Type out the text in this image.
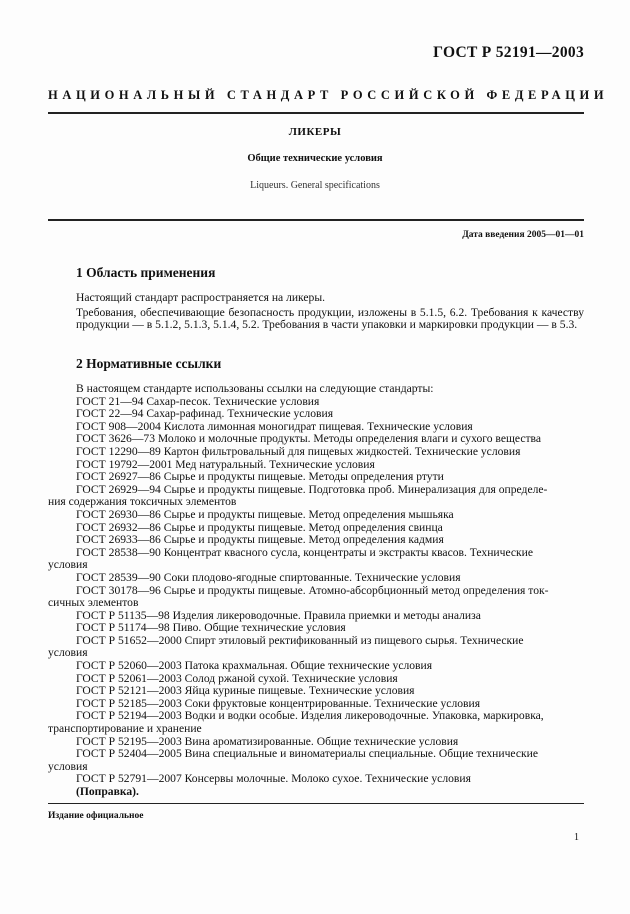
ГОСТ Р 52191—2003
НАЦИОНАЛЬНЫЙ СТАНДАРТ РОССИЙСКОЙ ФЕДЕРАЦИИ
ЛИКЕРЫ
Общие технические условия
Liqueurs. General specifications
Дата введения 2005—01—01
1 Область применения

Настоящий стандарт распространяется на ликеры.

Требования, обеспечивающие безопасность продукции, изложены в 5.1.5, 6.2. Требования к качеству продукции — в 5.1.2, 5.1.3, 5.1.4, 5.2. Требования в части упаковки и маркировки продукции — в 5.3.

2 Нормативные ссылки
В настоящем стандарте использованы ссылки на следующие стандарты:
ГОСТ 21—94 Сахар-песок. Технические условия
ГОСТ 22—94 Сахар-рафинад. Технические условия
ГОСТ 908—2004 Кислота лимонная моногидрат пищевая. Технические условия
ГОСТ 3626—73 Молоко и молочные продукты. Методы определения влаги и сухого вещества
ГОСТ 12290—89 Картон фильтровальный для пищевых жидкостей. Технические условия
ГОСТ 19792—2001 Мед натуральный. Технические условия
ГОСТ 26927—86 Сырье и продукты пищевые. Методы определения ртути
ГОСТ 26929—94 Сырье и продукты пищевые. Подготовка проб. Минерализация для определе-
ния содержания токсичных элементов
ГОСТ 26930—86 Сырье и продукты пищевые. Метод определения мышьяка
ГОСТ 26932—86 Сырье и продукты пищевые. Метод определения свинца
ГОСТ 26933—86 Сырье и продукты пищевые. Метод определения кадмия
ГОСТ 28538—90 Концентрат квасного сусла, концентраты и экстракты квасов. Технические
условия
ГОСТ 28539—90 Соки плодово-ягодные спиртованные. Технические условия
ГОСТ 30178—96 Сырье и продукты пищевые. Атомно-абсорбционный метод определения ток-
сичных элементов
ГОСТ Р 51135—98 Изделия ликероводочные. Правила приемки и методы анализа
ГОСТ Р 51174—98 Пиво. Общие технические условия
ГОСТ Р 51652—2000 Спирт этиловый ректификованный из пищевого сырья. Технические
условия
ГОСТ Р 52060—2003 Патока крахмальная. Общие технические условия
ГОСТ Р 52061—2003 Солод ржаной сухой. Технические условия
ГОСТ Р 52121—2003 Яйца куриные пищевые. Технические условия
ГОСТ Р 52185—2003 Соки фруктовые концентрированные. Технические условия
ГОСТ Р 52194—2003 Водки и водки особые. Изделия ликероводочные. Упаковка, маркировка,
транспортирование и хранение
ГОСТ Р 52195—2003 Вина ароматизированные. Общие технические условия
ГОСТ Р 52404—2005 Вина специальные и виноматериалы специальные. Общие технические
условия
ГОСТ Р 52791—2007 Консервы молочные. Молоко сухое. Технические условия
(Поправка).
Издание официальное
1
